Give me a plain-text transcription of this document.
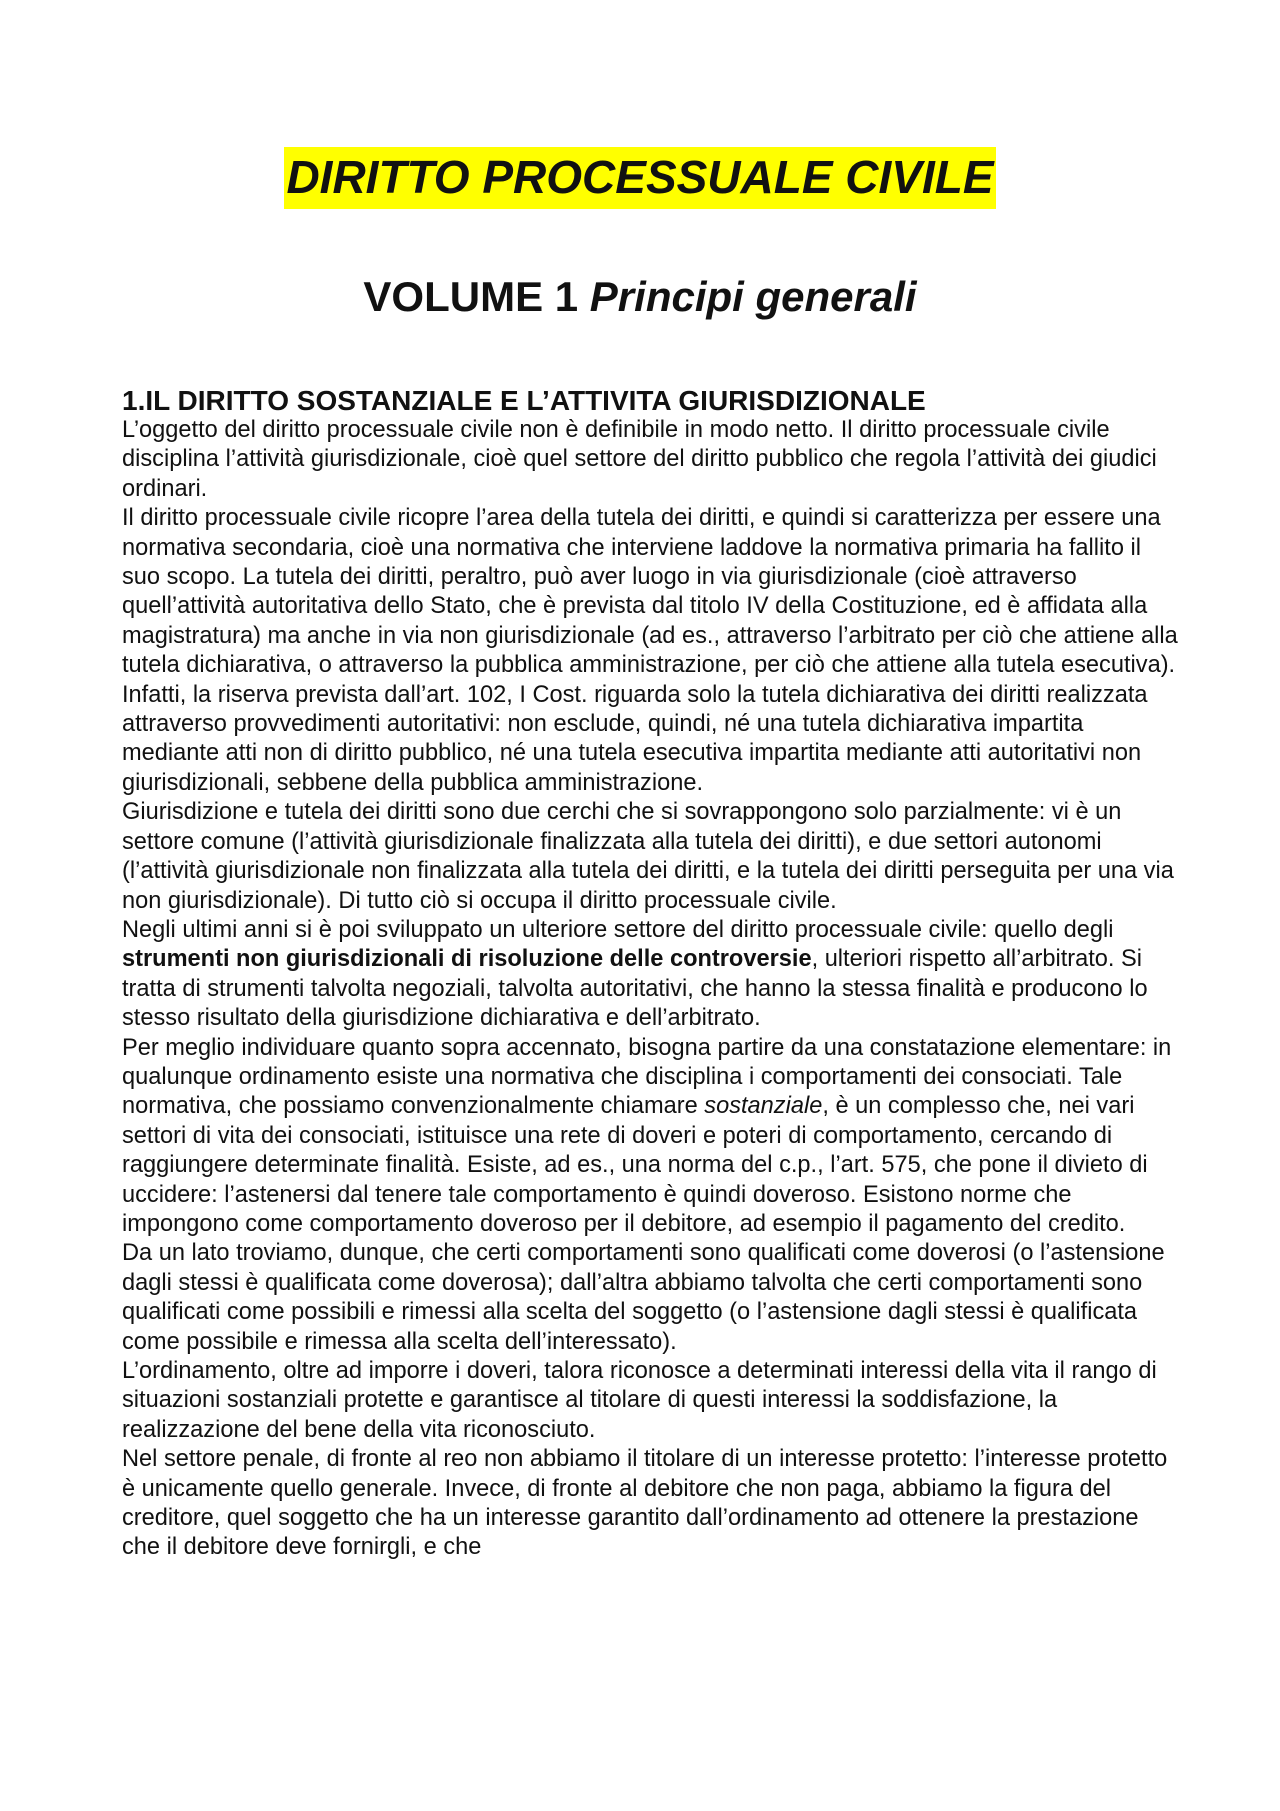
DIRITTO PROCESSUALE CIVILE
VOLUME 1 Principi generali
1.IL DIRITTO SOSTANZIALE E L’ATTIVITA GIURISDIZIONALE

L’oggetto del diritto processuale civile non è definibile in modo netto. Il diritto processuale civile disciplina l’attività giurisdizionale, cioè quel settore del diritto pubblico che regola l’attività dei giudici ordinari.

Il diritto processuale civile ricopre l’area della tutela dei diritti, e quindi si caratterizza per essere una normativa secondaria, cioè una normativa che interviene laddove la normativa primaria ha fallito il suo scopo. La tutela dei diritti, peraltro, può aver luogo in via giurisdizionale (cioè attraverso quell’attività autoritativa dello Stato, che è prevista dal titolo IV della Costituzione, ed è affidata alla magistratura) ma anche in via non giurisdizionale (ad es., attraverso l’arbitrato per ciò che attiene alla tutela dichiarativa, o attraverso la pubblica amministrazione, per ciò che attiene alla tutela esecutiva). Infatti, la riserva prevista dall’art. 102, I Cost. riguarda solo la tutela dichiarativa dei diritti realizzata attraverso provvedimenti autoritativi: non esclude, quindi, né una tutela dichiarativa impartita mediante atti non di diritto pubblico, né una tutela esecutiva impartita mediante atti autoritativi non giurisdizionali, sebbene della pubblica amministrazione.

Giurisdizione e tutela dei diritti sono due cerchi che si sovrappongono solo parzialmente: vi è un settore comune (l’attività giurisdizionale finalizzata alla tutela dei diritti), e due settori autonomi (l’attività giurisdizionale non finalizzata alla tutela dei diritti, e la tutela dei diritti perseguita per una via non giurisdizionale). Di tutto ciò si occupa il diritto processuale civile.

Negli ultimi anni si è poi sviluppato un ulteriore settore del diritto processuale civile: quello degli strumenti non giurisdizionali di risoluzione delle controversie, ulteriori rispetto all’arbitrato. Si tratta di strumenti talvolta negoziali, talvolta autoritativi, che hanno la stessa finalità e producono lo stesso risultato della giurisdizione dichiarativa e dell’arbitrato.

Per meglio individuare quanto sopra accennato, bisogna partire da una constatazione elementare: in qualunque ordinamento esiste una normativa che disciplina i comportamenti dei consociati. Tale normativa, che possiamo convenzionalmente chiamare sostanziale, è un complesso che, nei vari settori di vita dei consociati, istituisce una rete di doveri e poteri di comportamento, cercando di raggiungere determinate finalità. Esiste, ad es., una norma del c.p., l’art. 575, che pone il divieto di uccidere: l’astenersi dal tenere tale comportamento è quindi doveroso. Esistono norme che impongono come comportamento doveroso per il debitore, ad esempio il pagamento del credito.

Da un lato troviamo, dunque, che certi comportamenti sono qualificati come doverosi (o l’astensione dagli stessi è qualificata come doverosa); dall’altra abbiamo talvolta che certi comportamenti sono qualificati come possibili e rimessi alla scelta del soggetto (o l’astensione dagli stessi è qualificata come possibile e rimessa alla scelta dell’interessato).

L’ordinamento, oltre ad imporre i doveri, talora riconosce a determinati interessi della vita il rango di situazioni sostanziali protette e garantisce al titolare di questi interessi la soddisfazione, la realizzazione del bene della vita riconosciuto.

Nel settore penale, di fronte al reo non abbiamo il titolare di un interesse protetto: l’interesse protetto è unicamente quello generale. Invece, di fronte al debitore che non paga, abbiamo la figura del creditore, quel soggetto che ha un interesse garantito dall’ordinamento ad ottenere la prestazione che il debitore deve fornirgli, e che
